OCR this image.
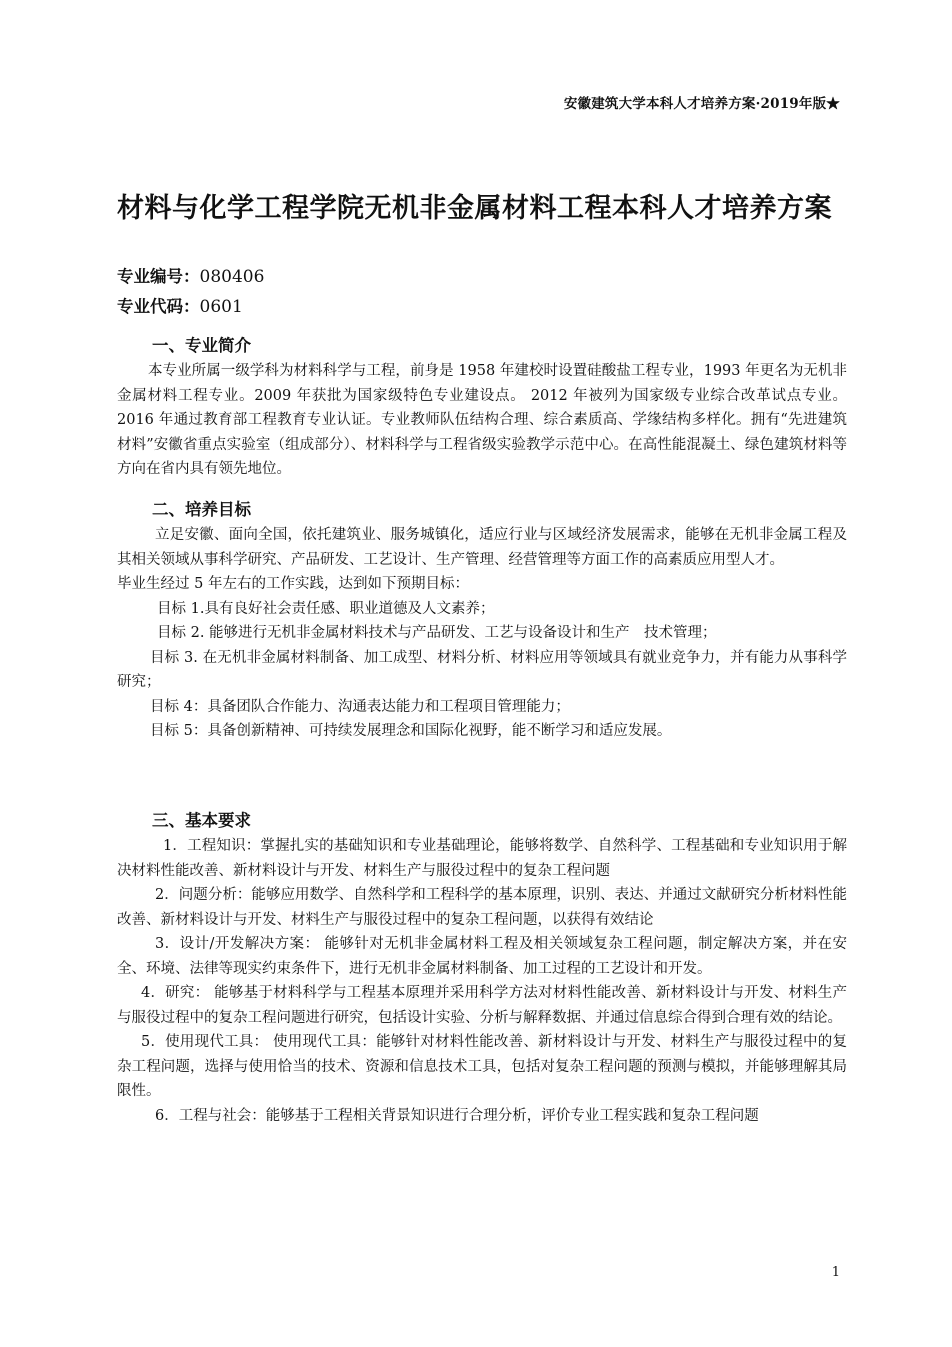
安徽建筑大学本科人才培养方案·2019年版★
材料与化学工程学院无机非金属材料工程本科人才培养方案
专业编号：080406
专业代码：0601
一、专业简介

本专业所属一级学科为材料科学与工程，前身是 1958 年建校时设置硅酸盐工程专业，1993 年更名为无机非金属材料工程专业。2009 年获批为国家级特色专业建设点。 2012 年被列为国家级专业综合改革试点专业。2016 年通过教育部工程教育专业认证。专业教师队伍结构合理、综合素质高、学缘结构多样化。拥有“先进建筑材料”安徽省重点实验室（组成部分）、材料科学与工程省级实验教学示范中心。在高性能混凝土、绿色建筑材料等方向在省内具有领先地位。

二、培养目标

立足安徽、面向全国，依托建筑业、服务城镇化，适应行业与区域经济发展需求，能够在无机非金属工程及其相关领域从事科学研究、产品研发、工艺设计、生产管理、经营管理等方面工作的高素质应用型人才。

毕业生经过 5 年左右的工作实践，达到如下预期目标：

目标 1.具有良好社会责任感、职业道德及人文素养；

目标 2. 能够进行无机非金属材料技术与产品研发、工艺与设备设计和生产　技术管理；

目标 3. 在无机非金属材料制备、加工成型、材料分析、材料应用等领域具有就业竞争力，并有能力从事科学研究；

目标 4：具备团队合作能力、沟通表达能力和工程项目管理能力；

目标 5：具备创新精神、可持续发展理念和国际化视野，能不断学习和适应发展。

三、基本要求

1．工程知识：掌握扎实的基础知识和专业基础理论，能够将数学、自然科学、工程基础和专业知识用于解决材料性能改善、新材料设计与开发、材料生产与服役过程中的复杂工程问题

2．问题分析：能够应用数学、自然科学和工程科学的基本原理，识别、表达、并通过文献研究分析材料性能改善、新材料设计与开发、材料生产与服役过程中的复杂工程问题，以获得有效结论

3．设计/开发解决方案： 能够针对无机非金属材料工程及相关领域复杂工程问题，制定解决方案，并在安全、环境、法律等现实约束条件下，进行无机非金属材料制备、加工过程的工艺设计和开发。

4．研究： 能够基于材料科学与工程基本原理并采用科学方法对材料性能改善、新材料设计与开发、材料生产与服役过程中的复杂工程问题进行研究，包括设计实验、分析与解释数据、并通过信息综合得到合理有效的结论。

5．使用现代工具： 使用现代工具：能够针对材料性能改善、新材料设计与开发、材料生产与服役过程中的复杂工程问题，选择与使用恰当的技术、资源和信息技术工具，包括对复杂工程问题的预测与模拟，并能够理解其局限性。

6．工程与社会：能够基于工程相关背景知识进行合理分析，评价专业工程实践和复杂工程问题

1
